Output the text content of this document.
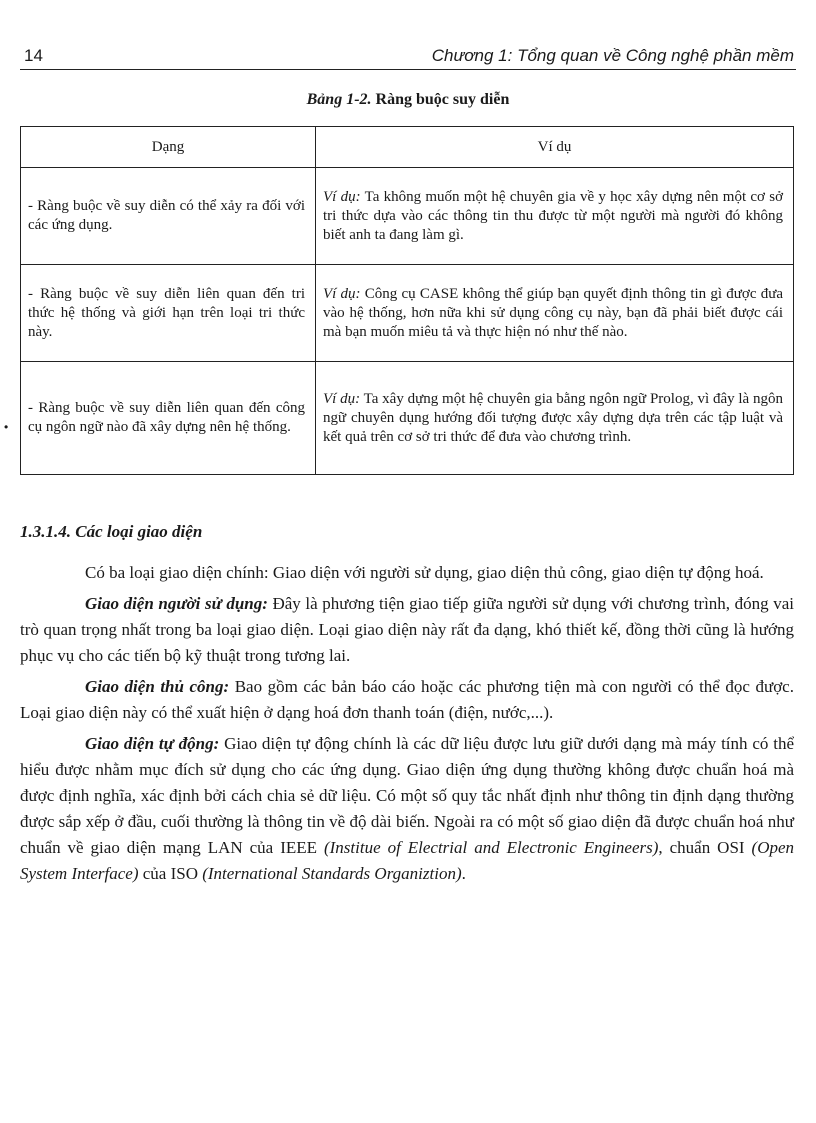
14	Chương 1: Tổng quan về Công nghệ phần mềm
Bảng 1-2. Ràng buộc suy diễn
Dạng	Ví dụ
- Ràng buộc về suy diễn có thể xảy ra đối với các ứng dụng.	Ví dụ: Ta không muốn một hệ chuyên gia về y học xây dựng nên một cơ sở tri thức dựa vào các thông tin thu được từ một người mà người đó không biết anh ta đang làm gì.
- Ràng buộc về suy diễn liên quan đến tri thức hệ thống và giới hạn trên loại tri thức này.	Ví dụ: Công cụ CASE không thể giúp bạn quyết định thông tin gì được đưa vào hệ thống, hơn nữa khi sử dụng công cụ này, bạn đã phải biết được cái mà bạn muốn miêu tả và thực hiện nó như thế nào.
- Ràng buộc về suy diễn liên quan đến công cụ ngôn ngữ nào đã xây dựng nên hệ thống.	Ví dụ: Ta xây dựng một hệ chuyên gia bằng ngôn ngữ Prolog, vì đây là ngôn ngữ chuyên dụng hướng đối tượng được xây dựng dựa trên các tập luật và kết quả trên cơ sở tri thức để đưa vào chương trình.
•
1.3.1.4. Các loại giao diện

Có ba loại giao diện chính: Giao diện với người sử dụng, giao diện thủ công, giao diện tự động hoá.

Giao diện người sử dụng: Đây là phương tiện giao tiếp giữa người sử dụng với chương trình, đóng vai trò quan trọng nhất trong ba loại giao diện. Loại giao diện này rất đa dạng, khó thiết kế, đồng thời cũng là hướng phục vụ cho các tiến bộ kỹ thuật trong tương lai.

Giao diện thủ công: Bao gồm các bản báo cáo hoặc các phương tiện mà con người có thể đọc được. Loại giao diện này có thể xuất hiện ở dạng hoá đơn thanh toán (điện, nước,...).

Giao diện tự động: Giao diện tự động chính là các dữ liệu được lưu giữ dưới dạng mà máy tính có thể hiểu được nhằm mục đích sử dụng cho các ứng dụng. Giao diện ứng dụng thường không được chuẩn hoá mà được định nghĩa, xác định bởi cách chia sẻ dữ liệu. Có một số quy tắc nhất định như thông tin định dạng thường được sắp xếp ở đầu, cuối thường là thông tin về độ dài biến. Ngoài ra có một số giao diện đã được chuẩn hoá như chuẩn về giao diện mạng LAN của IEEE (Institue of Electrial and Electronic Engineers), chuẩn OSI (Open System Interface) của ISO (International Standards Organiztion).
